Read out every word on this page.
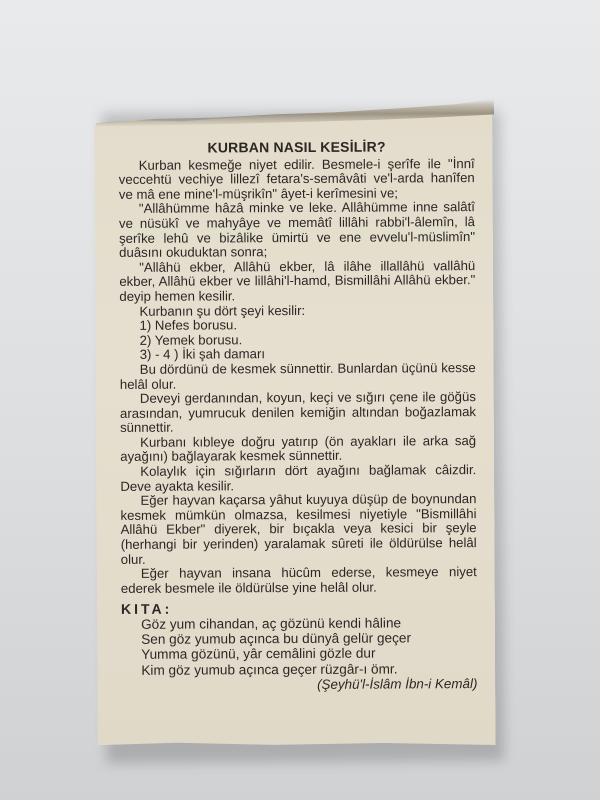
KURBAN NASIL KESİLİR?

Kurban kesmeğe niyet edilir. Besmele-i şerîfe ile "İnnî veccehtü vechiye lillezî fetara's-semâvâti ve'l-arda hanîfen ve mâ ene mine'l-müşrikîn" âyet-i kerîmesini ve;

"Allâhümme hâzâ minke ve leke. Allâhümme inne salâtî ve nüsükî ve mahyâye ve memâtî lillâhi rabbi'l-âlemîn, lâ şerîke lehû ve bizâlike ümirtü ve ene evvelu'l-müslimîn" duâsını okuduktan sonra;

"Allâhü ekber, Allâhü ekber, lâ ilâhe illallâhü vallâhü ekber, Allâhü ekber ve lillâhi'l-hamd, Bismillâhi Allâhü ekber." deyip hemen kesilir.

Kurbanın şu dört şeyi kesilir:

1) Nefes borusu.

2) Yemek borusu.

3) - 4 ) İki şah damarı

Bu dördünü de kesmek sünnettir. Bunlardan üçünü kesse helâl olur.

Deveyi gerdanından, koyun, keçi ve sığırı çene ile göğüs arasından, yumrucuk denilen kemiğin altından boğazlamak sünnettir.

Kurbanı kıbleye doğru yatırıp (ön ayakları ile arka sağ ayağını) bağlayarak kesmek sünnettir.

Kolaylık için sığırların dört ayağını bağlamak câizdir. Deve ayakta kesilir.

Eğer hayvan kaçarsa yâhut kuyuya düşüp de boynundan kesmek mümkün olmazsa, kesilmesi niyetiyle "Bismillâhi Allâhü Ekber" diyerek, bir bıçakla veya kesici bir şeyle (herhangi bir yerinden) yaralamak sûreti ile öldürülse helâl olur.

Eğer hayvan insana hücûm ederse, kesmeye niyet ederek besmele ile öldürülse yine helâl olur.

KITA:

Göz yum cihandan, aç gözünü kendi hâline

Sen göz yumub açınca bu dünyâ gelür geçer

Yumma gözünü, yâr cemâlini gözle dur

Kim göz yumub açınca geçer rüzgâr-ı ömr.

(Şeyhü'l-İslâm İbn-i Kemâl)
